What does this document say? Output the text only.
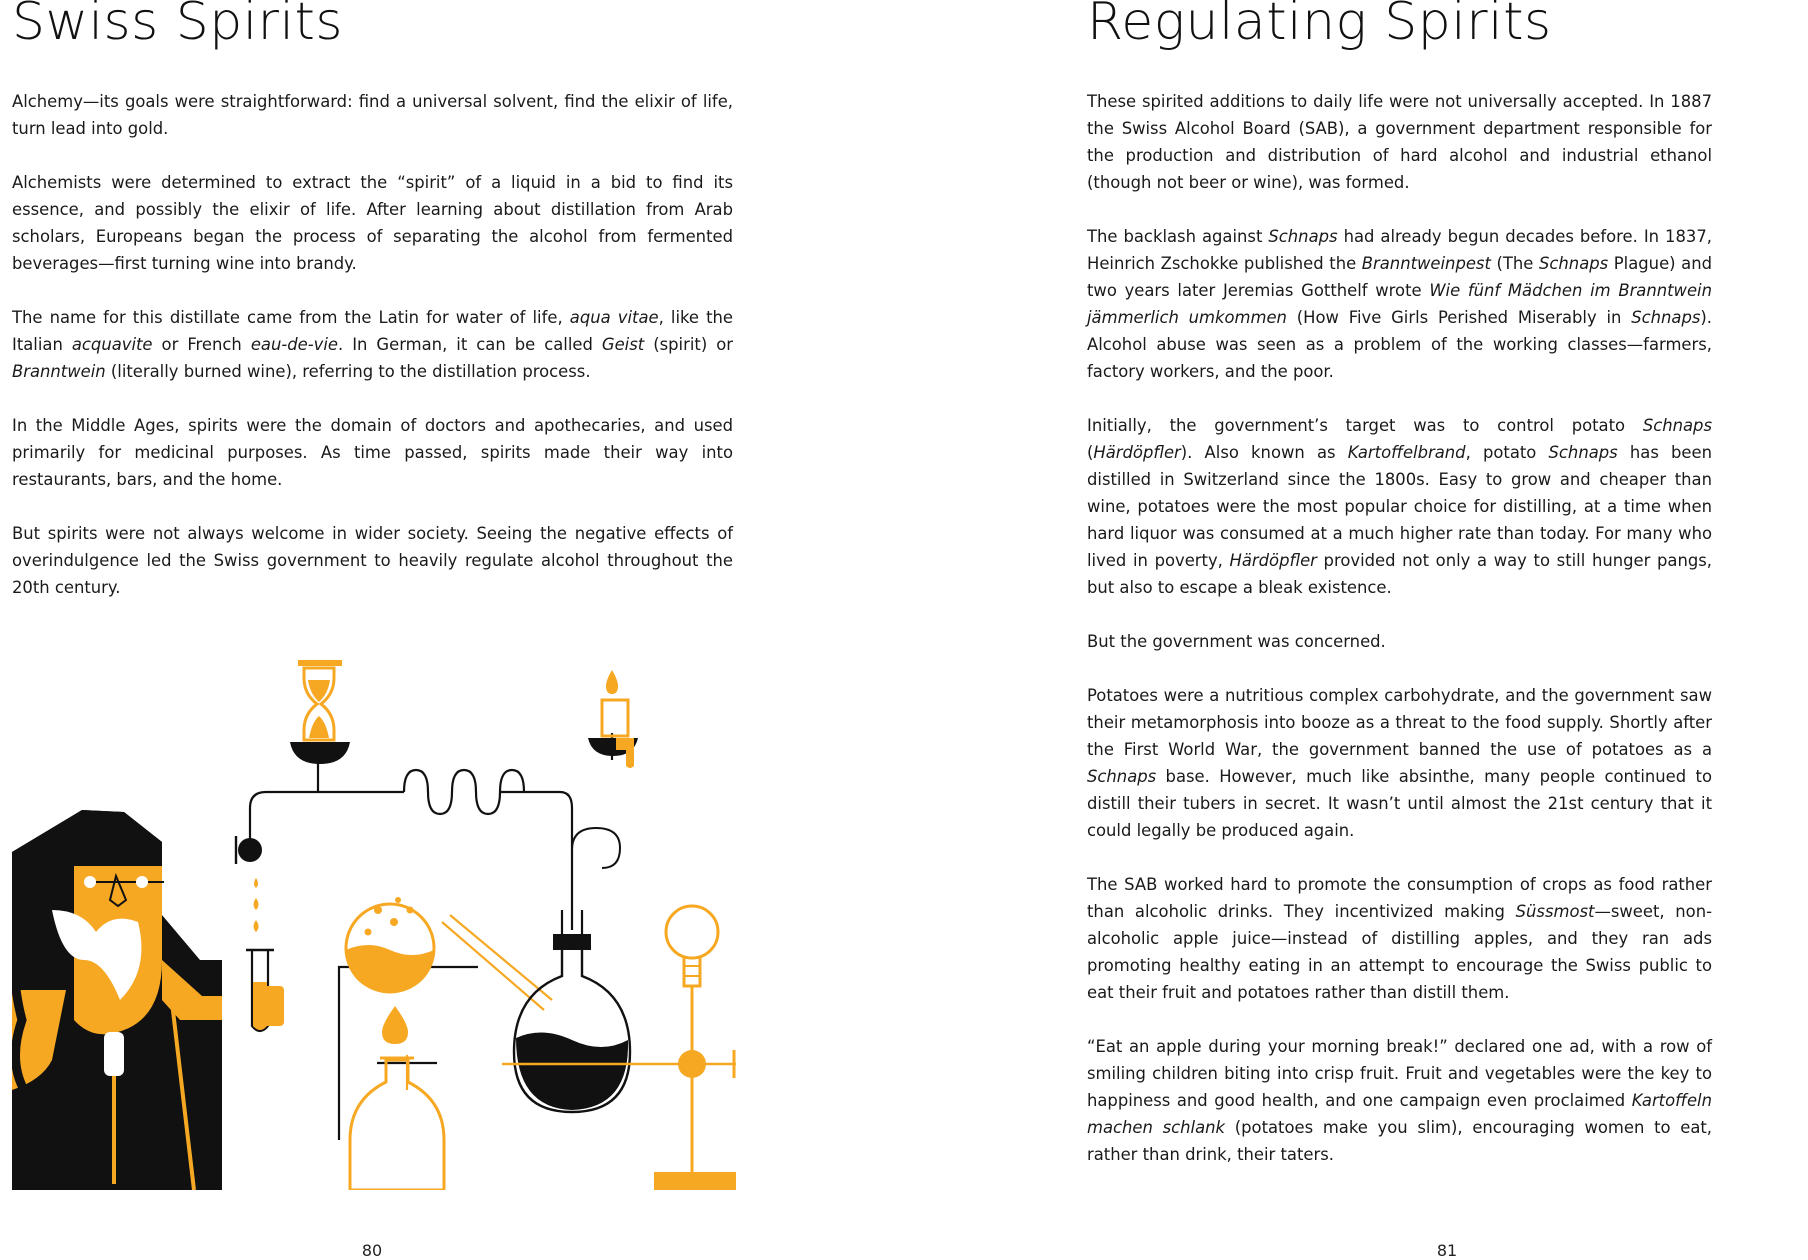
Swiss Spirits

Alchemy—its goals were straightforward: find a universal solvent, find the elixir of life, turn lead into gold.

Alchemists were determined to extract the “spirit” of a liquid in a bid to find its essence, and possibly the elixir of life. After learning about distillation from Arab scholars, Europeans began the process of separating the alcohol from fermented beverages—first turning wine into brandy.

The name for this distillate came from the Latin for water of life, aqua vitae, like the Italian acquavite or French eau-de-vie. In German, it can be called Geist (spirit) or Branntwein (literally burned wine), referring to the distillation process.

In the Middle Ages, spirits were the domain of doctors and apothecaries, and used primarily for medicinal purposes. As time passed, spirits made their way into restaurants, bars, and the home.

But spirits were not always welcome in wider society. Seeing the negative effects of overindulgence led the Swiss government to heavily regulate alcohol throughout the 20th century.

80
Regulating Spirits

These spirited additions to daily life were not universally accepted. In 1887 the Swiss Alcohol Board (SAB), a government department responsible for the production and distribution of hard alcohol and industrial ethanol (though not beer or wine), was formed.

The backlash against Schnaps had already begun decades before. In 1837, Heinrich Zschokke published the Branntweinpest (The Schnaps Plague) and two years later Jeremias Gotthelf wrote Wie fünf Mädchen im Branntwein jämmerlich umkommen (How Five Girls Perished Miserably in Schnaps). Alcohol abuse was seen as a problem of the working classes—farmers, factory workers, and the poor.

Initially, the government’s target was to control potato Schnaps (Härdöpfler). Also known as Kartoffelbrand, potato Schnaps has been distilled in Switzerland since the 1800s. Easy to grow and cheaper than wine, potatoes were the most popular choice for distilling, at a time when hard liquor was consumed at a much higher rate than today. For many who lived in poverty, Härdöpfler provided not only a way to still hunger pangs, but also to escape a bleak existence.

But the government was concerned.

Potatoes were a nutritious complex carbohydrate, and the government saw their metamorphosis into booze as a threat to the food supply. Shortly after the First World War, the government banned the use of potatoes as a Schnaps base. However, much like absinthe, many people continued to distill their tubers in secret. It wasn’t until almost the 21st century that it could legally be produced again.

The SAB worked hard to promote the consumption of crops as food rather than alcoholic drinks. They incentivized making Süssmost—sweet, non-alcoholic apple juice—instead of distilling apples, and they ran ads promoting healthy eating in an attempt to encourage the Swiss public to eat their fruit and potatoes rather than distill them.

“Eat an apple during your morning break!” declared one ad, with a row of smiling children biting into crisp fruit. Fruit and vegetables were the key to happiness and good health, and one campaign even proclaimed Kartoffeln machen schlank (potatoes make you slim), encouraging women to eat, rather than drink, their taters.

81
